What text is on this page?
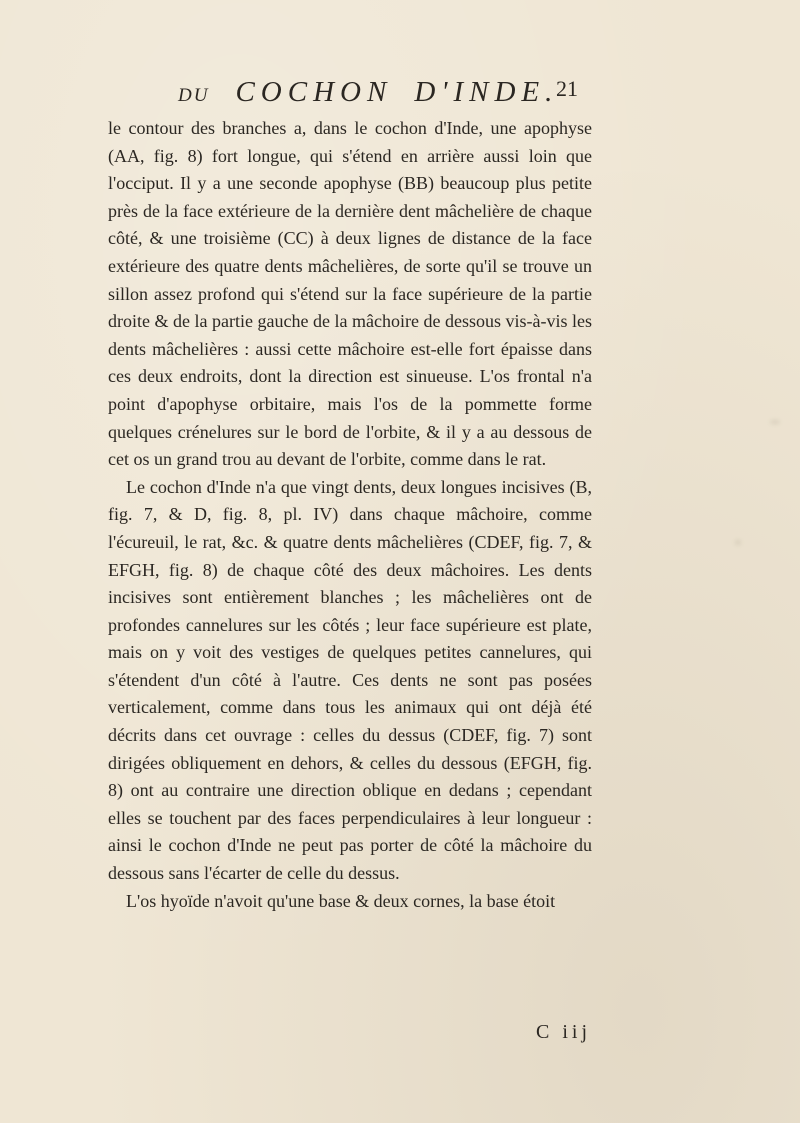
DU COCHON D'INDE.
21

le contour des branches a, dans le cochon d'Inde, une apophyse (AA, fig. 8) fort longue, qui s'étend en arrière aussi loin que l'occiput. Il y a une seconde apophyse (BB) beaucoup plus petite près de la face extérieure de la dernière dent mâchelière de chaque côté, & une troisième (CC) à deux lignes de distance de la face extérieure des quatre dents mâchelières, de sorte qu'il se trouve un sillon assez profond qui s'étend sur la face supérieure de la partie droite & de la partie gauche de la mâchoire de dessous vis-à-vis les dents mâchelières : aussi cette mâchoire est-elle fort épaisse dans ces deux endroits, dont la direction est sinueuse. L'os frontal n'a point d'apophyse orbitaire, mais l'os de la pommette forme quelques crénelures sur le bord de l'orbite, & il y a au dessous de cet os un grand trou au devant de l'orbite, comme dans le rat.

Le cochon d'Inde n'a que vingt dents, deux longues incisives (B, fig. 7, & D, fig. 8, pl. IV) dans chaque mâchoire, comme l'écureuil, le rat, &c. & quatre dents mâchelières (CDEF, fig. 7, & EFGH, fig. 8) de chaque côté des deux mâchoires. Les dents incisives sont entièrement blanches ; les mâchelières ont de profondes cannelures sur les côtés ; leur face supérieure est plate, mais on y voit des vestiges de quelques petites cannelures, qui s'étendent d'un côté à l'autre. Ces dents ne sont pas posées verticalement, comme dans tous les animaux qui ont déjà été décrits dans cet ouvrage : celles du dessus (CDEF, fig. 7) sont dirigées obliquement en dehors, & celles du dessous (EFGH, fig. 8) ont au contraire une direction oblique en dedans ; cependant elles se touchent par des faces perpendiculaires à leur longueur : ainsi le cochon d'Inde ne peut pas porter de côté la mâchoire du dessous sans l'écarter de celle du dessus.

L'os hyoïde n'avoit qu'une base & deux cornes, la base étoit

C iij
